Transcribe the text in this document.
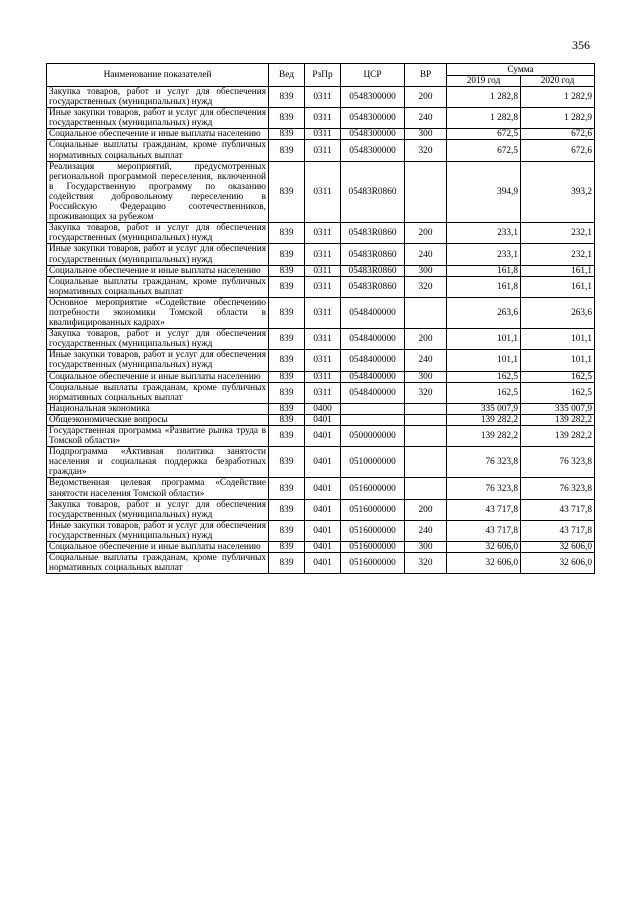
356
Наименование показателей	Вед	РзПр	ЦСР	ВР	Сумма	
					2019 год	2020 год
Закупка товаров, работ и услуг для обеспечения государственных (муниципальных) нужд	839	0311	0548300000	200	1 282,8	1 282,9
Иные закупки товаров, работ и услуг для обеспечения государственных (муниципальных) нужд	839	0311	0548300000	240	1 282,8	1 282,9
Социальное обеспечение и иные выплаты населению	839	0311	0548300000	300	672,5	672,6
Социальные выплаты гражданам, кроме публичных нормативных социальных выплат	839	0311	0548300000	320	672,5	672,6
Реализация мероприятий, предусмотренных региональной программой переселения, включенной в Государственную программу по оказанию содействия добровольному переселению в Российскую Федерацию соотечественников, проживающих за рубежом	839	0311	05483R0860		394,9	393,2
Закупка товаров, работ и услуг для обеспечения государственных (муниципальных) нужд	839	0311	05483R0860	200	233,1	232,1
Иные закупки товаров, работ и услуг для обеспечения государственных (муниципальных) нужд	839	0311	05483R0860	240	233,1	232,1
Социальное обеспечение и иные выплаты населению	839	0311	05483R0860	300	161,8	161,1
Социальные выплаты гражданам, кроме публичных нормативных социальных выплат	839	0311	05483R0860	320	161,8	161,1
Основное мероприятие «Содействие обеспечению потребности экономики Томской области в квалифицированных кадрах»	839	0311	0548400000		263,6	263,6
Закупка товаров, работ и услуг для обеспечения государственных (муниципальных) нужд	839	0311	0548400000	200	101,1	101,1
Иные закупки товаров, работ и услуг для обеспечения государственных (муниципальных) нужд	839	0311	0548400000	240	101,1	101,1
Социальное обеспечение и иные выплаты населению	839	0311	0548400000	300	162,5	162,5
Социальные выплаты гражданам, кроме публичных нормативных социальных выплат	839	0311	0548400000	320	162,5	162,5
Национальная экономика	839	0400			335 007,9	335 007,9
Общеэкономические вопросы	839	0401			139 282,2	139 282,2
Государственная программа «Развитие рынка труда в Томской области»	839	0401	0500000000		139 282,2	139 282,2
Подпрограмма «Активная политика занятости населения и социальная поддержка безработных граждан»	839	0401	0510000000		76 323,8	76 323,8
Ведомственная целевая программа «Содействие занятости населения Томской области»	839	0401	0516000000		76 323,8	76 323,8
Закупка товаров, работ и услуг для обеспечения государственных (муниципальных) нужд	839	0401	0516000000	200	43 717,8	43 717,8
Иные закупки товаров, работ и услуг для обеспечения государственных (муниципальных) нужд	839	0401	0516000000	240	43 717,8	43 717,8
Социальное обеспечение и иные выплаты населению	839	0401	0516000000	300	32 606,0	32 606,0
Социальные выплаты гражданам, кроме публичных нормативных социальных выплат	839	0401	0516000000	320	32 606,0	32 606,0
